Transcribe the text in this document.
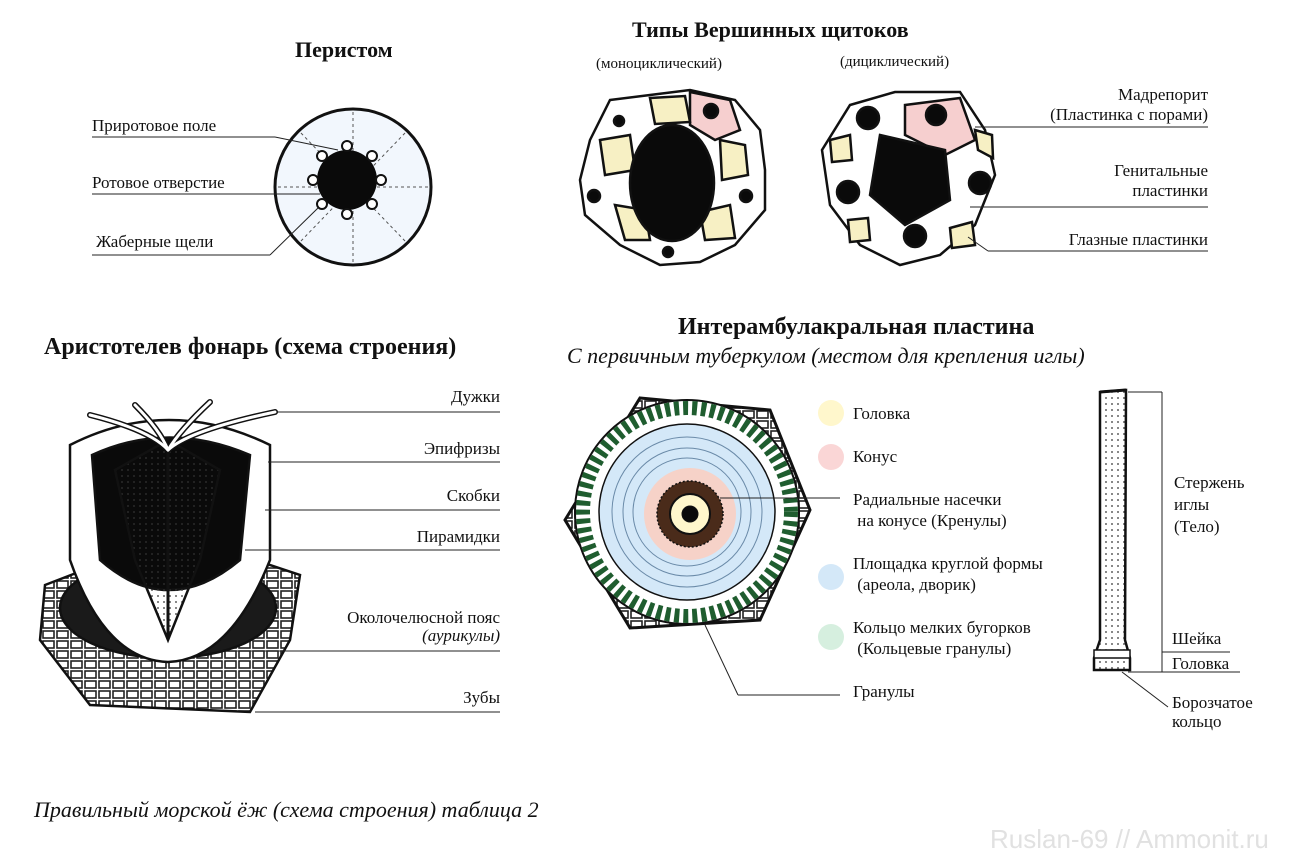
Перистом
Приротовое поле
Ротовое отверстие
Жаберные щели
Типы Вершинных щитоков
(моноциклический)	(дициклический)
Мадрепорит
(Пластинка с порами)
Генитальные
пластинки
Глазные пластинки
Аристотелев фонарь (схема строения)
Дужки
Эпифризы
Скобки
Пирамидки
Околочелюсной пояс
(аурикулы)
Зубы
Интерамбулакральная пластина
С первичным туберкулом (местом для крепления иглы)
Головка
Конус
Радиальные насечки
на конусе (Кренулы)
Площадка круглой формы
(ареола, дворик)
Кольцо мелких бугорков
(Кольцевые гранулы)
Гранулы
Стержень
иглы
(Тело)
Шейка
Головка
Борозчатое
кольцо
Правильный морской ёж (схема строения) таблица 2
Ruslan-69 // Ammonit.ru
